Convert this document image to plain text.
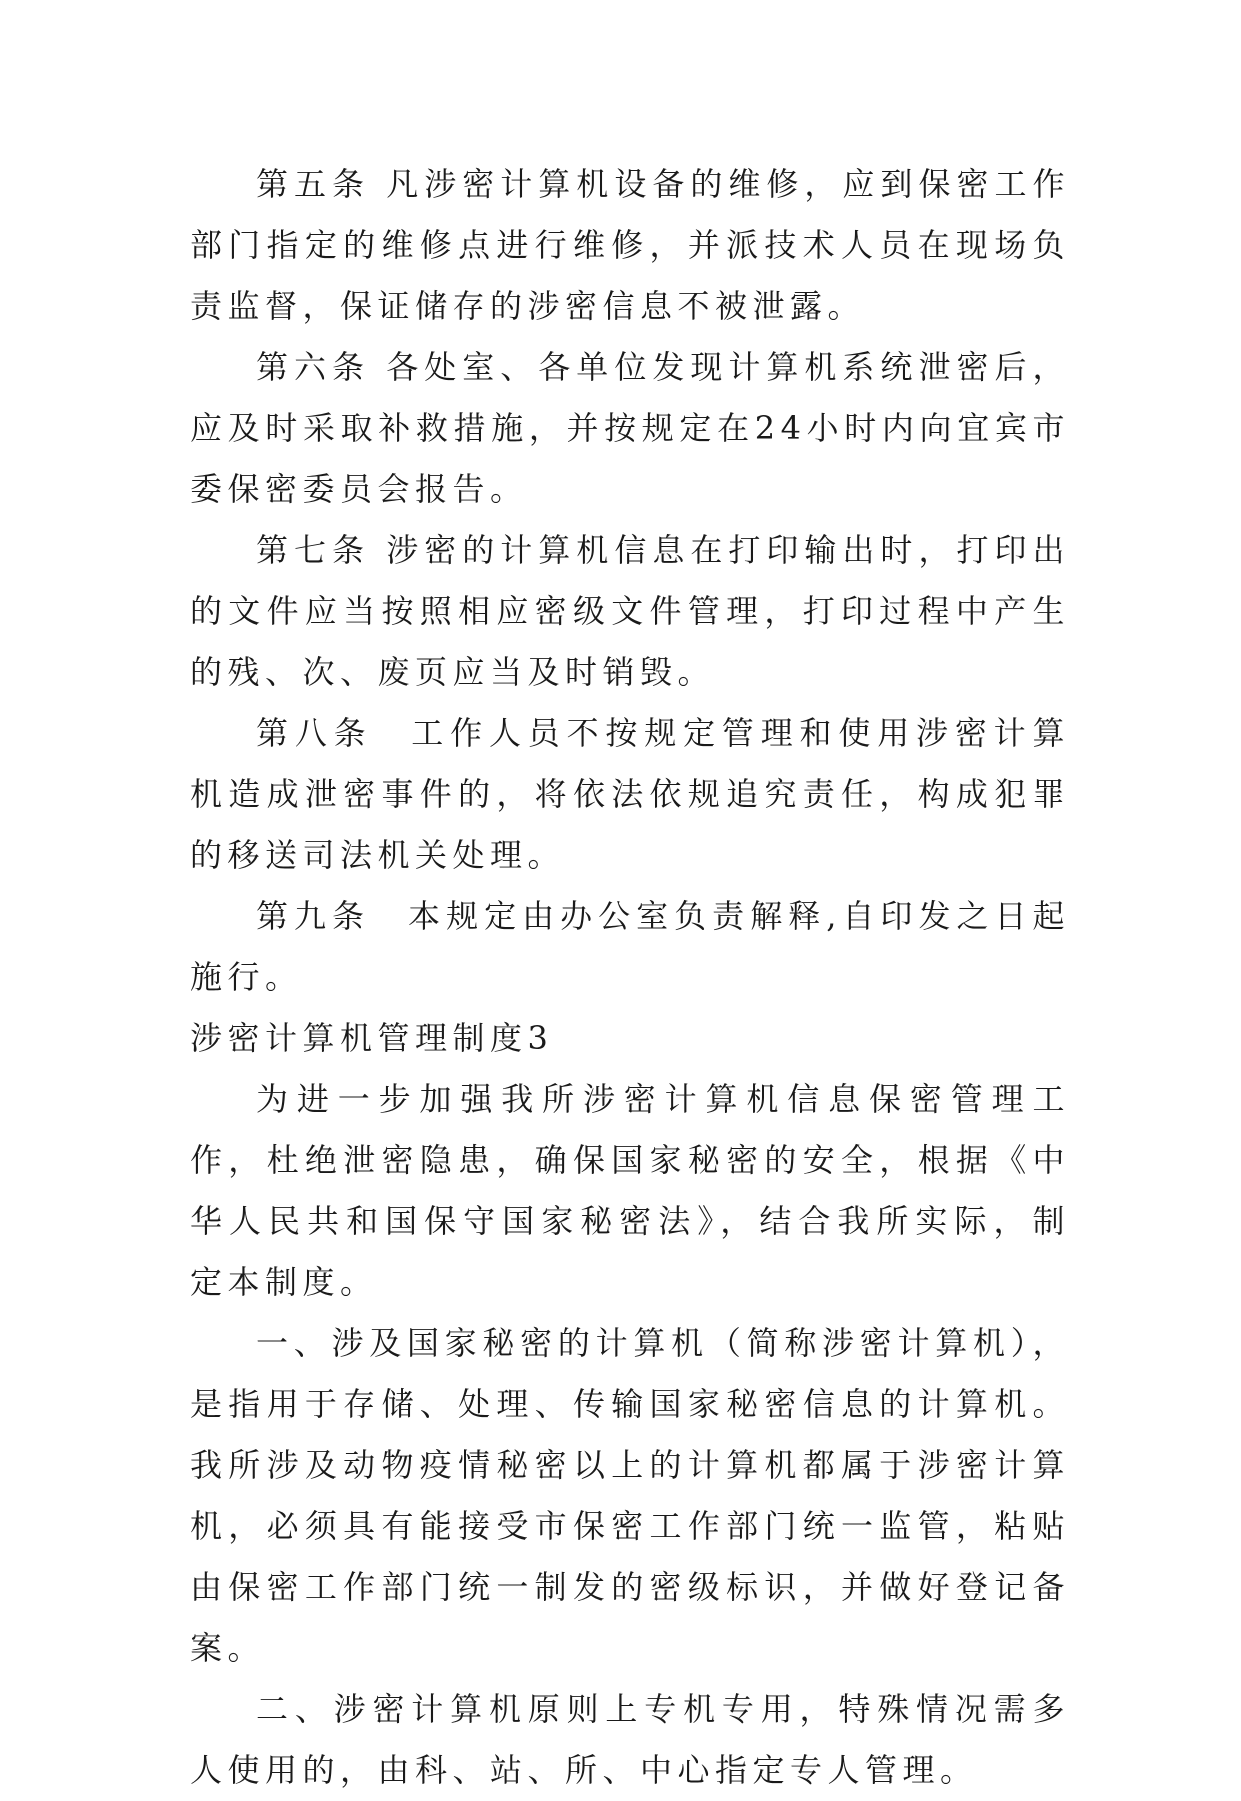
第五条 凡涉密计算机设备的维修，应到保密工作部门指定的维修点进行维修，并派技术人员在现场负责监督，保证储存的涉密信息不被泄露。

第六条 各处室、各单位发现计算机系统泄密后，应及时采取补救措施，并按规定在24小时内向宜宾市委保密委员会报告。

第七条 涉密的计算机信息在打印输出时，打印出的文件应当按照相应密级文件管理，打印过程中产生的残、次、废页应当及时销毁。

第八条　工作人员不按规定管理和使用涉密计算机造成泄密事件的，将依法依规追究责任，构成犯罪的移送司法机关处理。

第九条　本规定由办公室负责解释,自印发之日起施行。

涉密计算机管理制度3

为进一步加强我所涉密计算机信息保密管理工作，杜绝泄密隐患，确保国家秘密的安全，根据《中华人民共和国保守国家秘密法》，结合我所实际，制定本制度。

一、涉及国家秘密的计算机（简称涉密计算机），是指用于存储、处理、传输国家秘密信息的计算机。我所涉及动物疫情秘密以上的计算机都属于涉密计算机，必须具有能接受市保密工作部门统一监管，粘贴由保密工作部门统一制发的密级标识，并做好登记备案。

二、涉密计算机原则上专机专用，特殊情况需多人使用的，由科、站、所、中心指定专人管理。
